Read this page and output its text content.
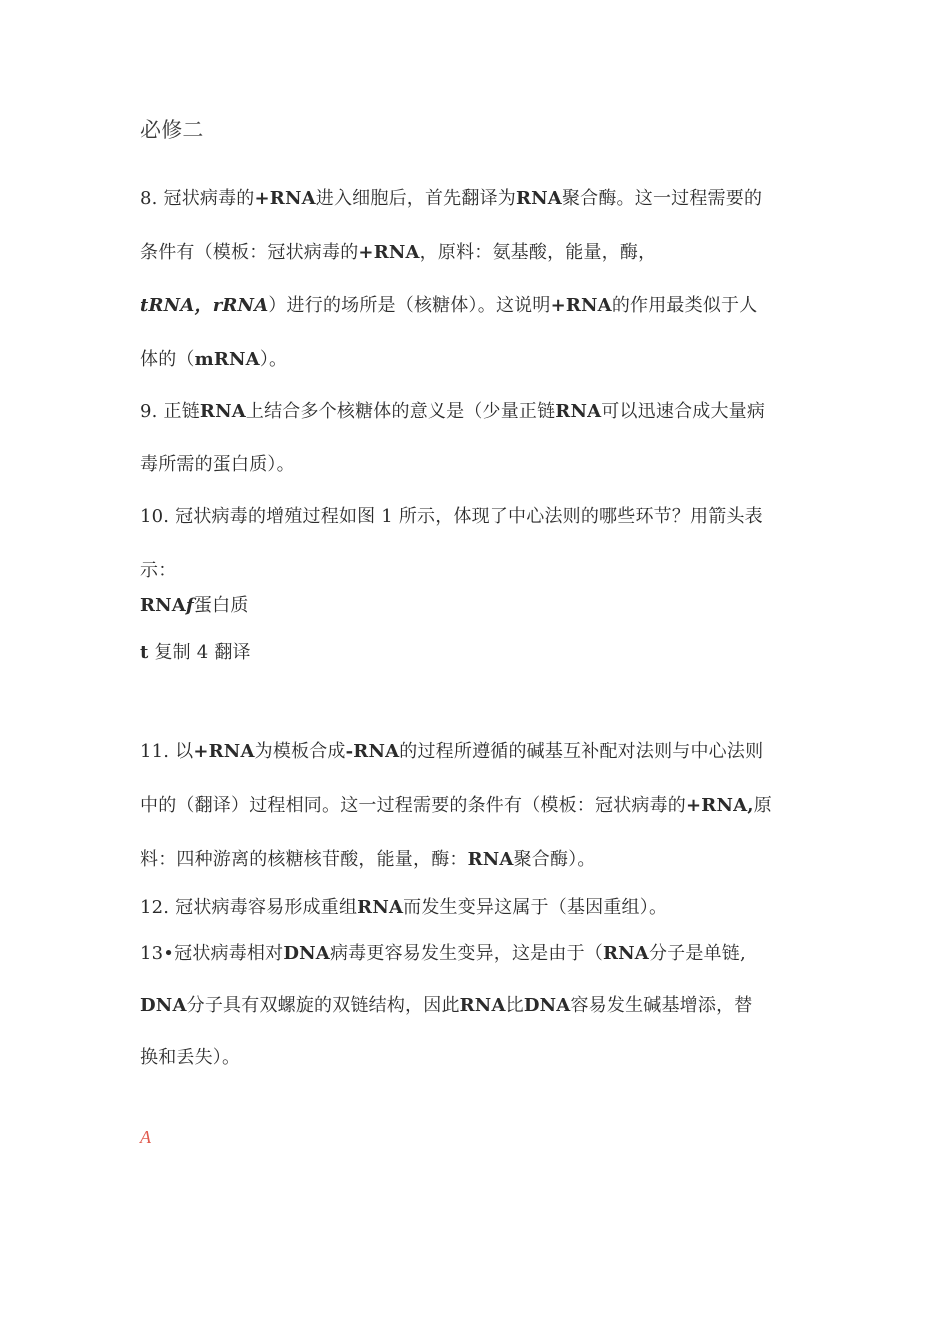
必修二
8. 冠状病毒的+RNA进入细胞后，首先翻译为RNA聚合酶。这一过程需要的
条件有（模板：冠状病毒的+RNA，原料：氨基酸，能量，酶，
tRNA，rRNA）进行的场所是（核糖体）。这说明+RNA的作用最类似于人
体的（mRNA）。
9. 正链RNA上结合多个核糖体的意义是（少量正链RNA可以迅速合成大量病
毒所需的蛋白质）。
10. 冠状病毒的增殖过程如图 1 所示，体现了中心法则的哪些环节？用箭头表
示：
RNAf蛋白质
t 复制 4 翻译
11. 以+RNA为模板合成-RNA的过程所遵循的碱基互补配对法则与中心法则
中的（翻译）过程相同。这一过程需要的条件有（模板：冠状病毒的+RNA,原
料：四种游离的核糖核苷酸，能量，酶：RNA聚合酶）。
12. 冠状病毒容易形成重组RNA而发生变异这属于（基因重组）。
13•冠状病毒相对DNA病毒更容易发生变异，这是由于（RNA分子是单链,
DNA分子具有双螺旋的双链结构，因此RNA比DNA容易发生碱基增添，替
换和丢失）。
A
